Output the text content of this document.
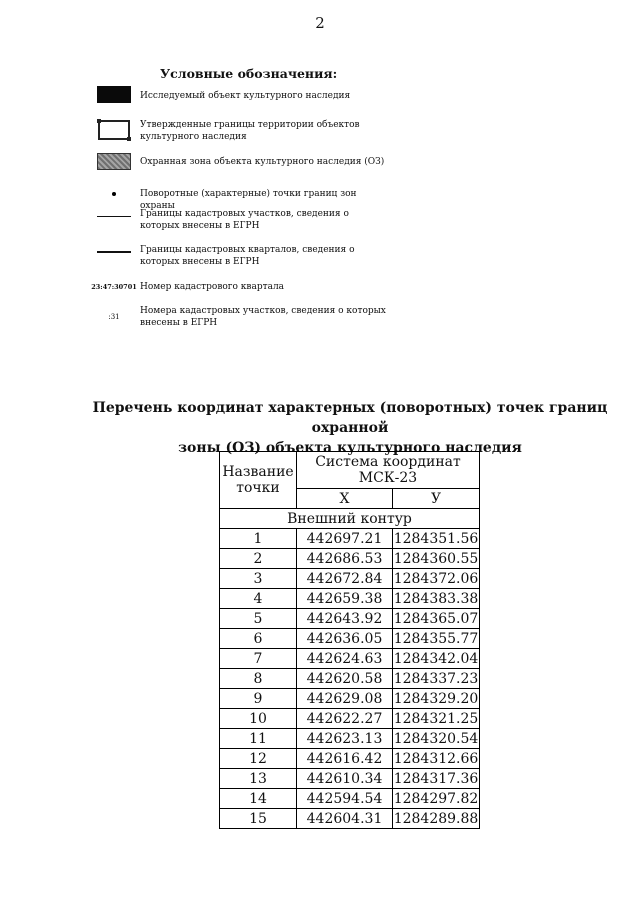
2
Условные обозначения:
Исследуемый объект культурного наследия
Утвержденные границы территории объектов культурного наследия
Охранная зона объекта культурного наследия (ОЗ)
Поворотные (характерные) точки границ зон охраны
Границы кадастровых участков, сведения о которых внесены в ЕГРН
Границы кадастровых кварталов, сведения о которых внесены в ЕГРН
23:47:30701 Номер кадастрового квартала
:31
Номера кадастровых участков, сведения о которых внесены в ЕГРН
Перечень координат характерных (поворотных) точек границ охранной
зоны (ОЗ) объекта культурного наследия
Название точки	Система координат МСК-23	
	X	У
Внешний контур		
1	442697.21	1284351.56
2	442686.53	1284360.55
3	442672.84	1284372.06
4	442659.38	1284383.38
5	442643.92	1284365.07
6	442636.05	1284355.77
7	442624.63	1284342.04
8	442620.58	1284337.23
9	442629.08	1284329.20
10	442622.27	1284321.25
11	442623.13	1284320.54
12	442616.42	1284312.66
13	442610.34	1284317.36
14	442594.54	1284297.82
15	442604.31	1284289.88
